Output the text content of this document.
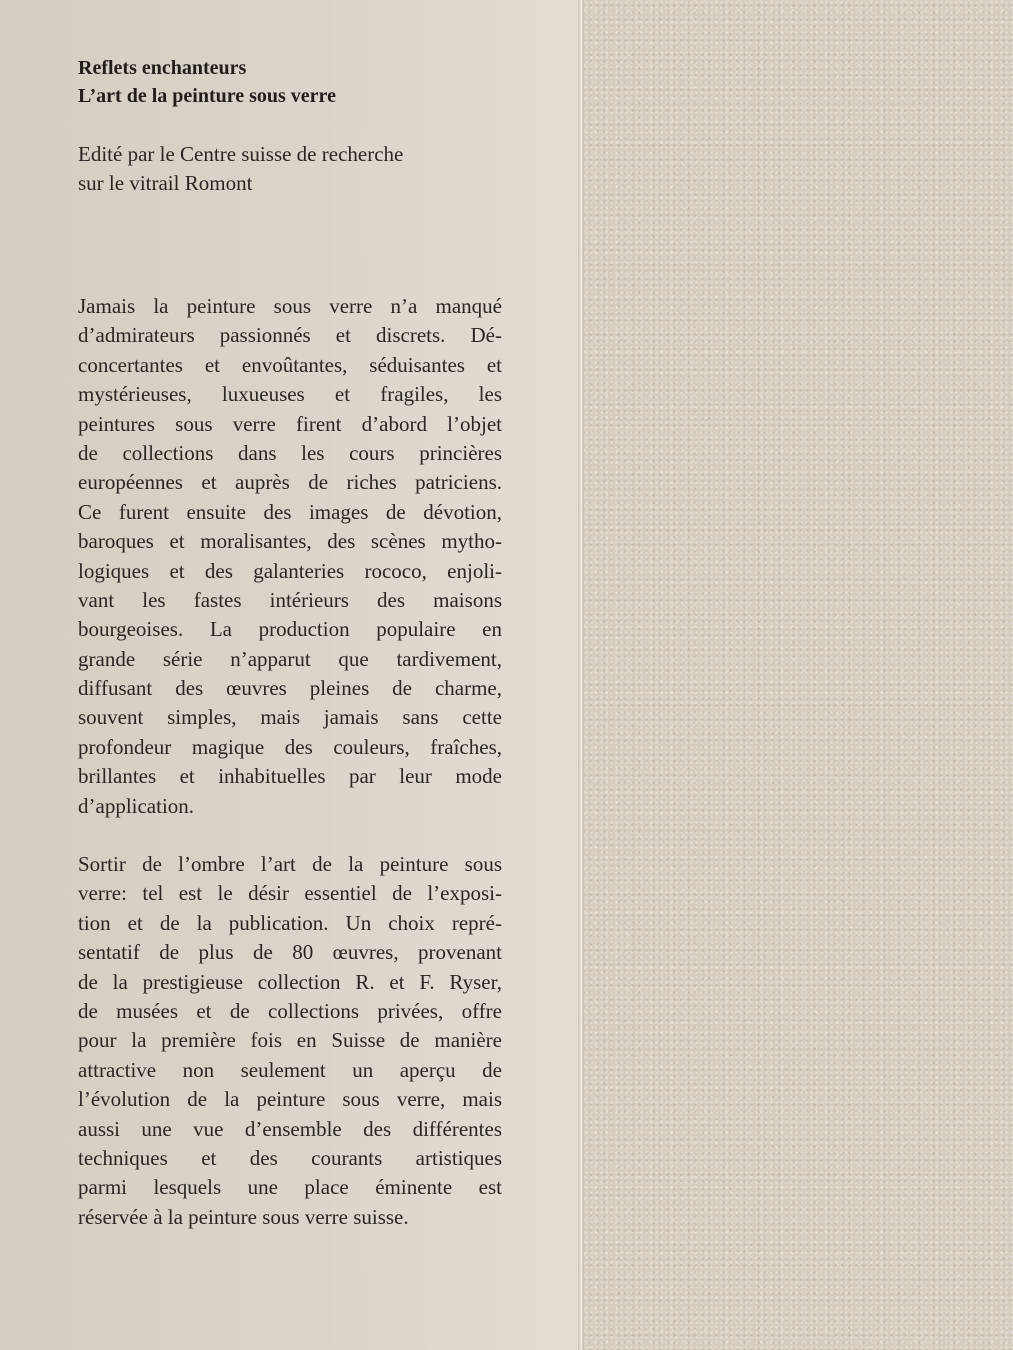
Reflets enchanteurs
L’art de la peinture sous verre

Edité par le Centre suisse de recherche
sur le vitrail Romont

Jamais la peinture sous verre n’a manqué
d’admirateurs passionnés et discrets. Dé-
concertantes et envoûtantes, séduisantes et
mystérieuses, luxueuses et fragiles, les
peintures sous verre firent d’abord l’objet
de collections dans les cours princières
européennes et auprès de riches patriciens.
Ce furent ensuite des images de dévotion,
baroques et moralisantes, des scènes mytho-
logiques et des galanteries rococo, enjoli-
vant les fastes intérieurs des maisons
bourgeoises. La production populaire en
grande série n’apparut que tardivement,
diffusant des œuvres pleines de charme,
souvent simples, mais jamais sans cette
profondeur magique des couleurs, fraîches,
brillantes et inhabituelles par leur mode
d’application.

Sortir de l’ombre l’art de la peinture sous
verre: tel est le désir essentiel de l’exposi-
tion et de la publication. Un choix repré-
sentatif de plus de 80 œuvres, provenant
de la prestigieuse collection R. et F. Ryser,
de musées et de collections privées, offre
pour la première fois en Suisse de manière
attractive non seulement un aperçu de
l’évolution de la peinture sous verre, mais
aussi une vue d’ensemble des différentes
techniques et des courants artistiques
parmi lesquels une place éminente est
réservée à la peinture sous verre suisse.
